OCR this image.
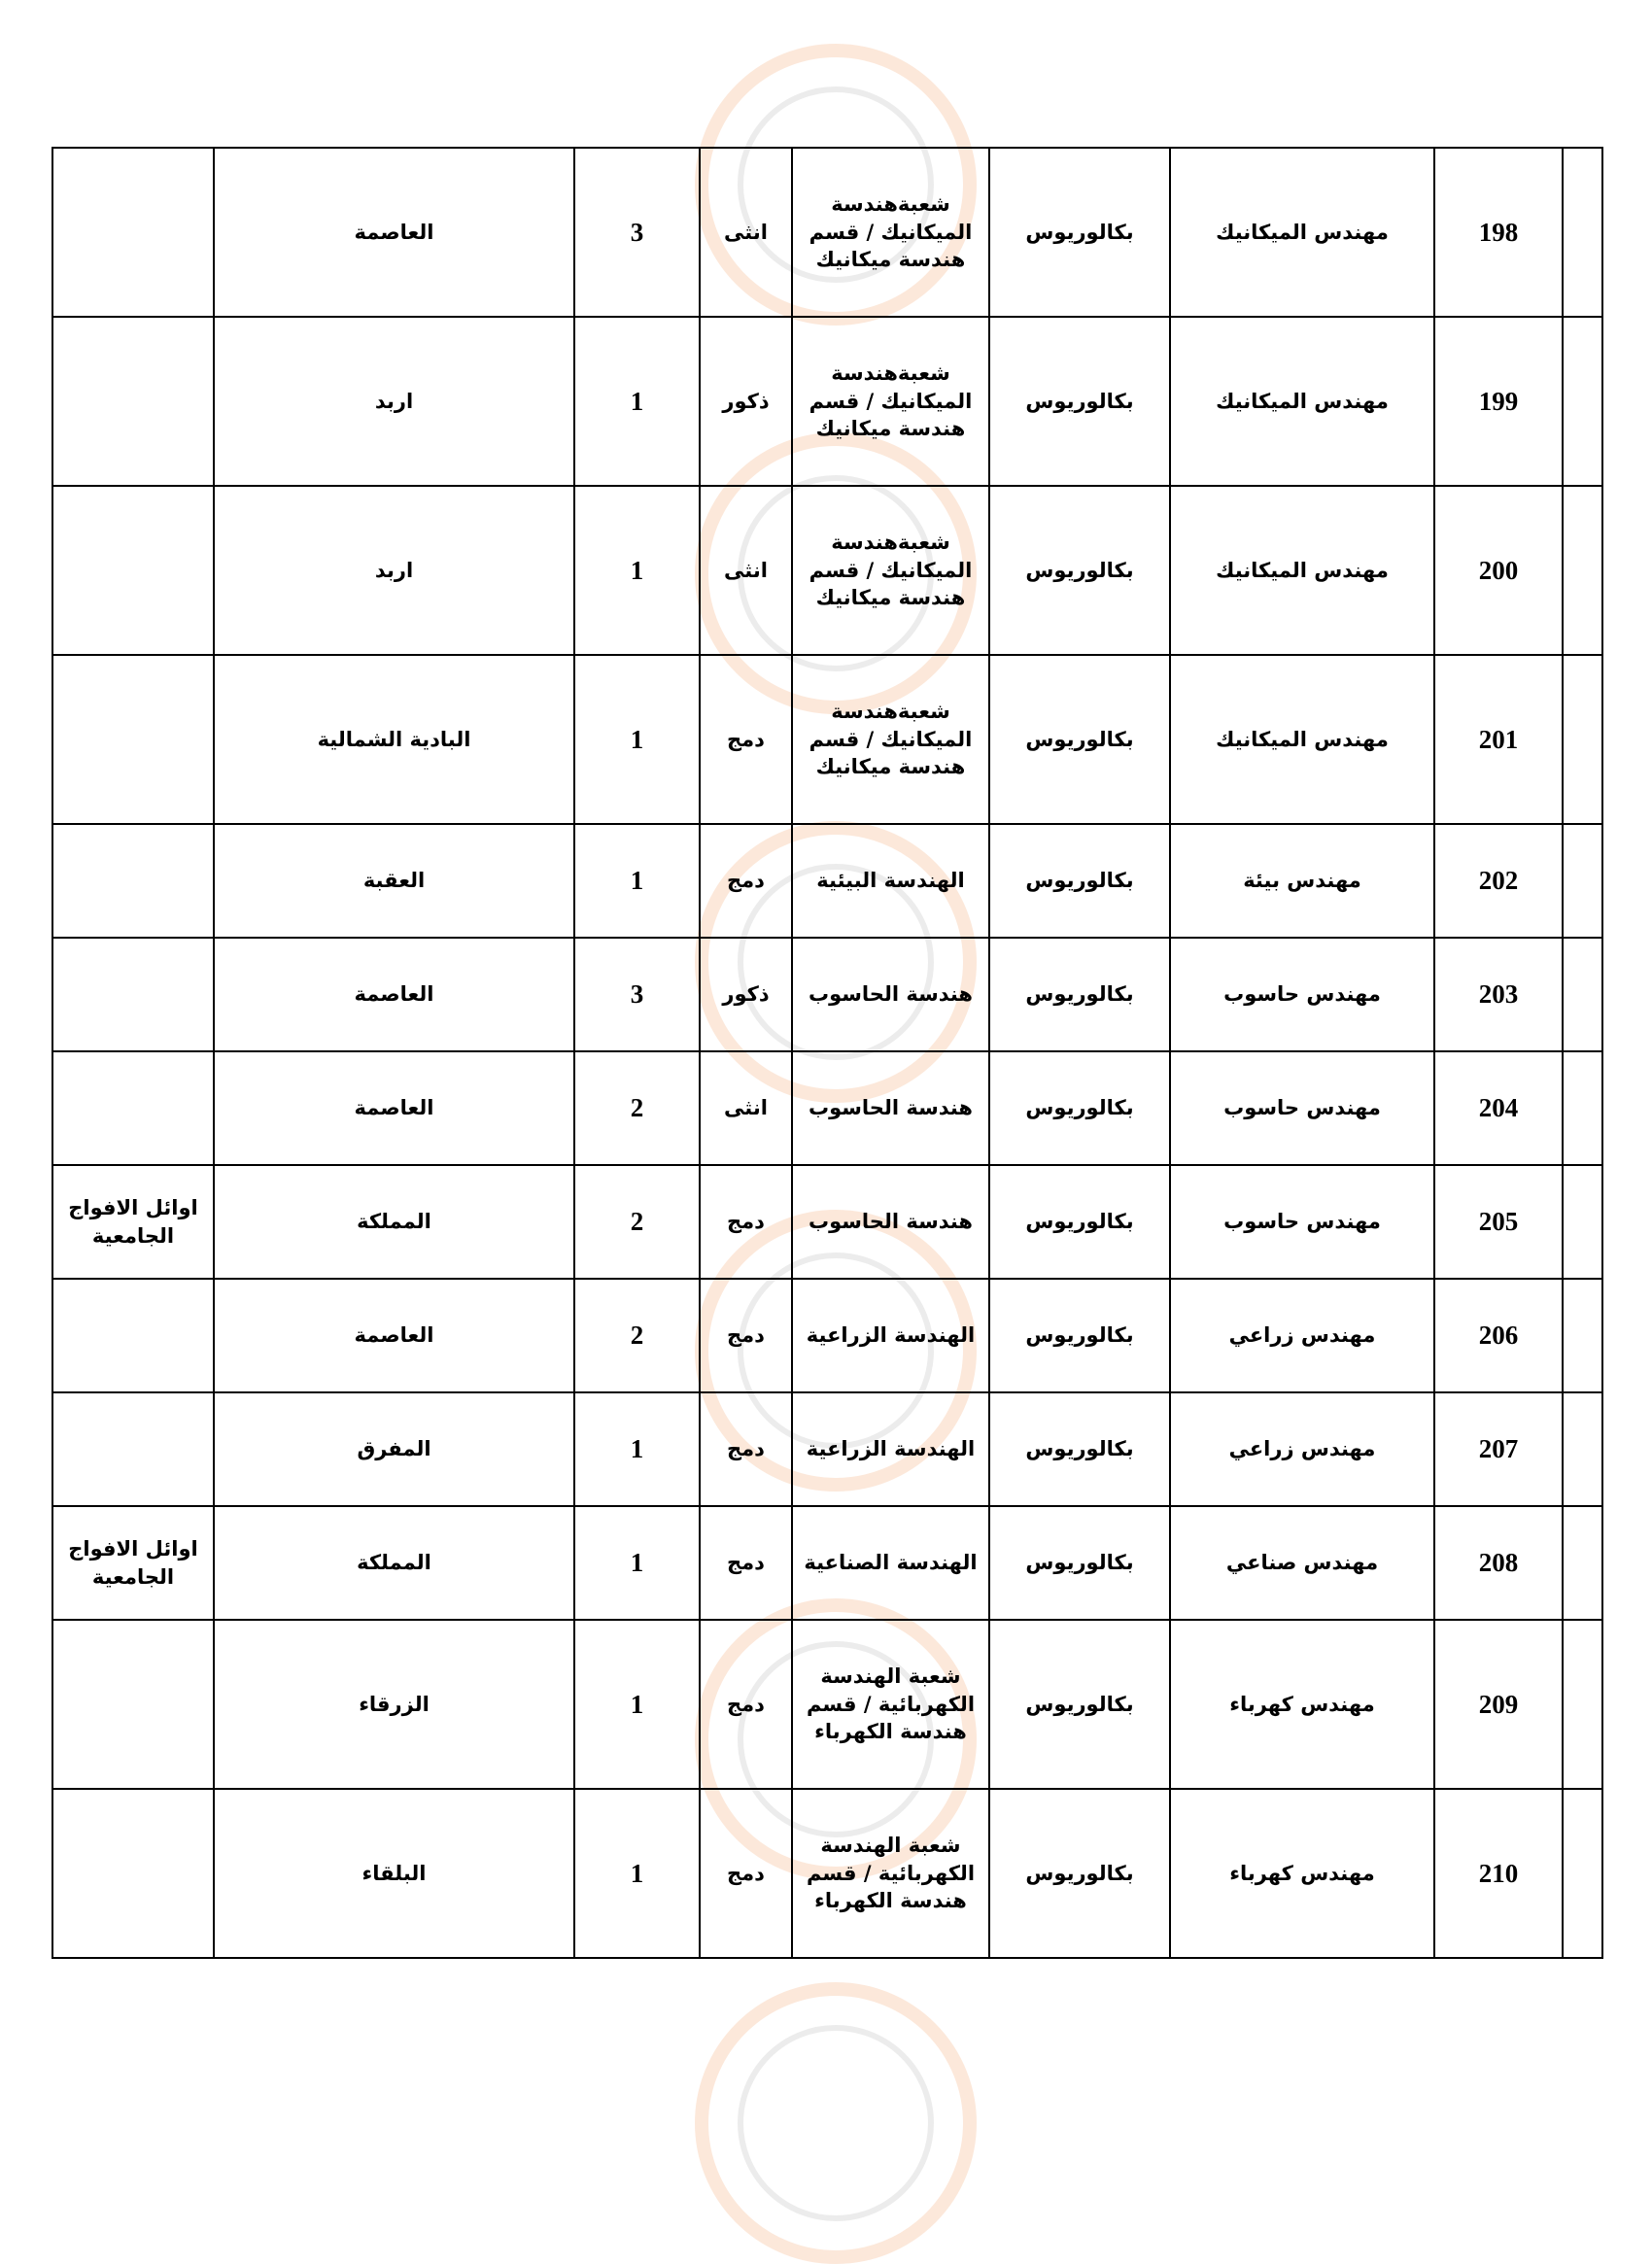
	198	مهندس الميكانيك	بكالوريوس	شعبةهندسة الميكانيك / قسم هندسة ميكانيك	انثى	3	العاصمة	
	199	مهندس الميكانيك	بكالوريوس	شعبةهندسة الميكانيك / قسم هندسة ميكانيك	ذكور	1	اربد	
	200	مهندس الميكانيك	بكالوريوس	شعبةهندسة الميكانيك / قسم هندسة ميكانيك	انثى	1	اربد	
	201	مهندس الميكانيك	بكالوريوس	شعبةهندسة الميكانيك / قسم هندسة ميكانيك	دمج	1	البادية الشمالية	
	202	مهندس بيئة	بكالوريوس	الهندسة البيئية	دمج	1	العقبة	
	203	مهندس حاسوب	بكالوريوس	هندسة الحاسوب	ذكور	3	العاصمة	
	204	مهندس حاسوب	بكالوريوس	هندسة الحاسوب	انثى	2	العاصمة	
	205	مهندس حاسوب	بكالوريوس	هندسة الحاسوب	دمج	2	المملكة	اوائل الافواج الجامعية
	206	مهندس زراعي	بكالوريوس	الهندسة الزراعية	دمج	2	العاصمة	
	207	مهندس زراعي	بكالوريوس	الهندسة الزراعية	دمج	1	المفرق	
	208	مهندس صناعي	بكالوريوس	الهندسة الصناعية	دمج	1	المملكة	اوائل الافواج الجامعية
	209	مهندس كهرباء	بكالوريوس	شعبة الهندسة الكهربائية / قسم هندسة الكهرباء	دمج	1	الزرقاء	
	210	مهندس كهرباء	بكالوريوس	شعبة الهندسة الكهربائية / قسم هندسة الكهرباء	دمج	1	البلقاء	
